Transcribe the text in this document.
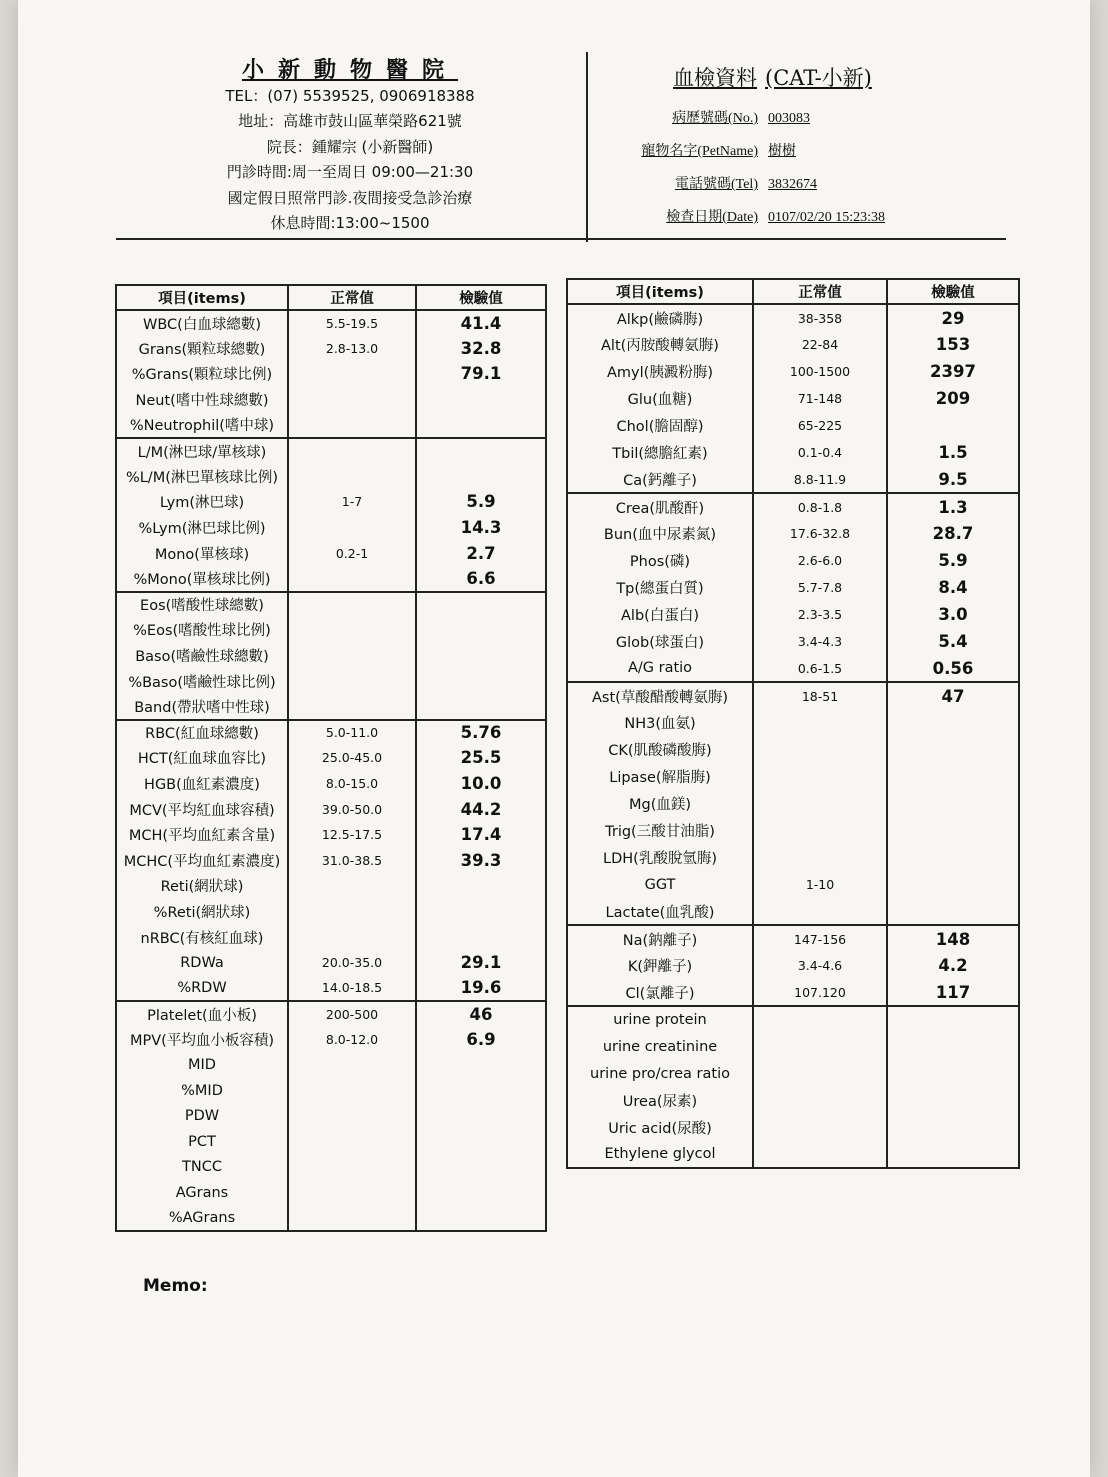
小新動物醫院
TEL：(07) 5539525, 0906918388
地址：高雄市鼓山區華榮路621號
院長：鍾耀宗 (小新醫師)
門診時間:周一至周日 09:00—21:30
國定假日照常門診.夜間接受急診治療
休息時間:13:00~1500
血檢資料 (CAT-小新)
病歷號碼(No.) 003083
寵物名字(PetName) 樹樹
電話號碼(Tel) 3832674
檢查日期(Date) 0107/02/20 15:23:38
項目(items)	正常值	檢驗值
WBC(白血球總數)	5.5-19.5	41.4
Grans(顆粒球總數)	2.8-13.0	32.8
%Grans(顆粒球比例)		79.1
Neut(嗜中性球總數)		
%Neutrophil(嗜中球)		
L/M(淋巴球/單核球)		
%L/M(淋巴單核球比例)		
Lym(淋巴球)	1-7	5.9
%Lym(淋巴球比例)		14.3
Mono(單核球)	0.2-1	2.7
%Mono(單核球比例)		6.6
Eos(嗜酸性球總數)		
%Eos(嗜酸性球比例)		
Baso(嗜鹼性球總數)		
%Baso(嗜鹼性球比例)		
Band(帶狀嗜中性球)		
RBC(紅血球總數)	5.0-11.0	5.76
HCT(紅血球血容比)	25.0-45.0	25.5
HGB(血紅素濃度)	8.0-15.0	10.0
MCV(平均紅血球容積)	39.0-50.0	44.2
MCH(平均血紅素含量)	12.5-17.5	17.4
MCHC(平均血紅素濃度)	31.0-38.5	39.3
Reti(網狀球)		
%Reti(網狀球)		
nRBC(有核紅血球)		
RDWa	20.0-35.0	29.1
%RDW	14.0-18.5	19.6
Platelet(血小板)	200-500	46
MPV(平均血小板容積)	8.0-12.0	6.9
MID		
%MID		
PDW		
PCT		
TNCC		
AGrans		
%AGrans		
項目(items)	正常值	檢驗值
Alkp(鹼磷脢)	38-358	29
Alt(丙胺酸轉氨脢)	22-84	153
Amyl(胰澱粉脢)	100-1500	2397
Glu(血糖)	71-148	209
Chol(膽固醇)	65-225	
Tbil(總膽紅素)	0.1-0.4	1.5
Ca(鈣離子)	8.8-11.9	9.5
Crea(肌酸酐)	0.8-1.8	1.3
Bun(血中尿素氮)	17.6-32.8	28.7
Phos(磷)	2.6-6.0	5.9
Tp(總蛋白質)	5.7-7.8	8.4
Alb(白蛋白)	2.3-3.5	3.0
Glob(球蛋白)	3.4-4.3	5.4
A/G ratio	0.6-1.5	0.56
Ast(草酸醋酸轉氨脢)	18-51	47
NH3(血氨)		
CK(肌酸磷酸脢)		
Lipase(解脂脢)		
Mg(血鎂)		
Trig(三酸甘油脂)		
LDH(乳酸脫氫脢)		
GGT	1-10	
Lactate(血乳酸)		
Na(鈉離子)	147-156	148
K(鉀離子)	3.4-4.6	4.2
Cl(氯離子)	107.120	117
urine protein		
urine creatinine		
urine pro/crea ratio		
Urea(尿素)		
Uric acid(尿酸)		
Ethylene glycol		
Memo:
